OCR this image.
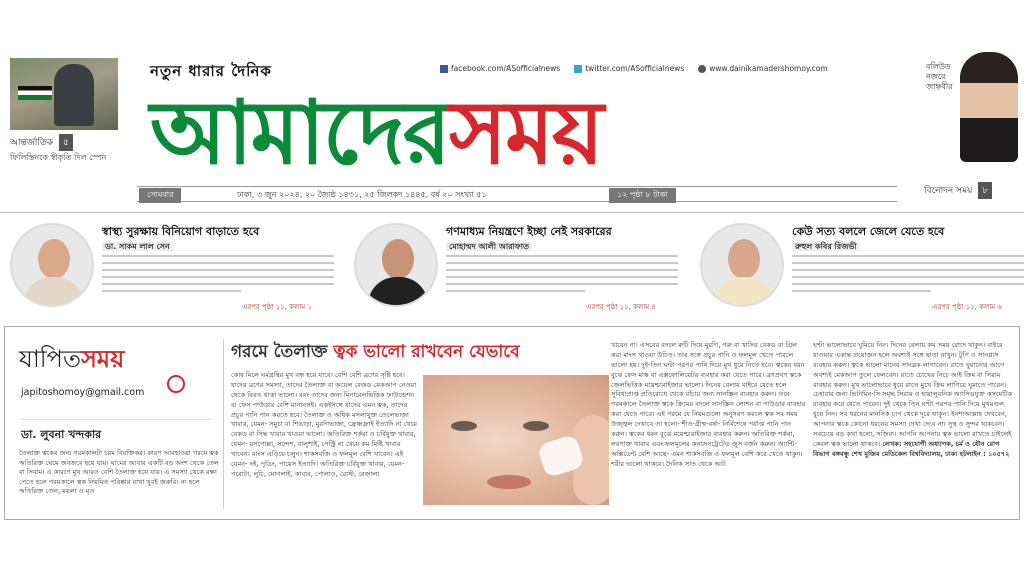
আন্তর্জাতিক	৫
ফিলিস্তিনকে স্বীকৃতি দিল স্পেন
নতুন ধারার দৈনিক	facebook.com/ASofficialnews	twitter.com/ASofficialnews	www.dainikamadershomoy.com
আমাদেরসময়
সোমবার	ঢাকা, ৩ জুন ২০২৪, ২০ জ্যৈষ্ঠ ১৪৩১, ২৫ জিলকদ ১৪৪৫, বর্ষ ২০ সংখ্যা ৫১	১২ পৃষ্ঠা ৮ টাকা
বলিউড নজরে জাহ্নবীর
বিনোদন সময়	৮
স্বাস্থ্য সুরক্ষায় বিনিয়োগ বাড়াতে হবে
ডা. সাকম লাল সেন
এরপর পৃষ্ঠা ১১, কলাম ১
গণমাধ্যম নিয়ন্ত্রণে ইচ্ছা নেই সরকারের
মোহাম্মদ আলী আরাফাত
এরপর পৃষ্ঠা ১১, কলাম ৪
কেউ সত্য বললে জেলে যেতে হবে
রুহুল কবির রিজভী
এরপর পৃষ্ঠা ১১, কলাম ৬
যাপিতসময়
japitoshomoy@gmail.com
ডা. লুবনা খন্দকার
তৈলাক্ত ত্বকের জন্য গরমকালটা চরম বিরক্তিকর। কারণ আবহাওয়া গরমে ত্বক অতিরিক্ত ঘেমে জবজবে হয়ে যায়। ঘামের আবার একটি বড় অংশ থেকে তেল বা সিবাম। এ কারণে মুখ আরও বেশি তৈলাক্ত হয়ে যায়। এ সমস্যা থেকে রক্ষা পেতে হলে গরমকালে ত্বক নিয়মিত পরিষ্কার রাখা খুবই জরুরি। না হলে অতিরিক্ত তেল, ময়লা ও মৃত
গরমে তৈলাক্ত ত্বক ভালো রাখবেন যেভাবে
কোষ মিলে ঘর্মগ্রন্থির মুখ বন্ধ হয়ে যাবে। বেশি বেশি ব্রণের সৃষ্টি হবে। যাদের ব্রণের সমস্যা, তাদের তৈলাক্ত বা অয়েল বেজড মেকআপ নেওয়া থেকে বিরত থাকা ভালো। বরং তাদের জন্য মিনারেলভিত্তিক ফাউন্ডেশন বা ফেস পাউডার বেশি মানানসই। একইসঙ্গে যাদের এমন ত্বক, তাদের প্রচুর পানি পান করতে হবে। তৈলাক্ত ও অধিক মসলাযুক্ত তেলেভাজা খাবার, যেমন- সমুচা বা শিঙাড়া, মুরগিভাজা, ফ্রেঞ্চফ্রাই ইত্যাদি না খেয়ে বেকড বা সিদ্ধ খাবার খাওয়া ভালো। অতিরিক্ত শর্করা ও চর্বিযুক্ত খাবার, যেমন- রসগোল্লা, সন্দেশ, বালুশাই, পেস্ট্রি না খেয়ে কম মিষ্টি খাবার খাবেন। মাংস এড়িয়ে চলুন। শাকসবজি ও ফলমূল বেশি খাবেন। এই যেমন- দই, পুডিং, পায়েস ইত্যাদি। অতিরিক্ত চর্বিযুক্ত খাবার, যেমন- পরোটা, লুচি, মোগলাই, কাবাব, পোলাও, রোস্ট, রেজালা
খাবেন না। এসবের বদলে রুটি দিয়ে মুরগি, গরু বা খাসির বেকড বা গ্রিল করা মাংস খাওয়া উচিত। তার সঙ্গে প্রচুর পানি ও ফলমূল খেতে পারলে ভালো হয়। দুই-তিন ঘণ্টা পরপর পানি দিয়ে মুখ ধুয়ে নিতে হবে। ত্বকের ধরন বুঝে ফেস মাস্ক বা এক্সফোলিয়েটর ব্যবহার করা যেতে পারে। ব্রণপ্রবণ ত্বকে জেলভিত্তিক ময়েশ্চারাইজার ভালো। দিনের বেলায় বাইরে যেতে হলে সুবিধাপ্রাপ্ত প্রতিরোধে থেকে বাঁচার জন্য সানস্ক্রিন ব্যবহার করুন। তবে গরমকালে তৈলাক্ত ত্বকে ক্রিমের বদলে সানস্ক্রিন লোশন বা পাউডার ব্যবহার করা যেতে পারে। এই গরমে যে নিয়মগুলো অনুসরণ করলে ত্বক সব সময় উজ্জ্বল দেখাবে তা হলো- শীত-গ্রীষ্ম-বর্ষা- নির্বিশেষে পর্যাপ্ত পানি পান করুন। ত্বকের ধরন বুঝে ময়েশ্চারাইজার ব্যবহার করুন। অতিরিক্ত শর্করা, লবণাক্ত খাবার এবং ফলমূলের কনসেনট্রেটেড জুস বর্জন করুন। অ্যান্টি-অক্সিডেন্ট বেশি আছে- এমন শাকসবজি ও ফলমূল বেশি করে খেতে থাকুন। শরীর ভালো থাকবে। দৈনিক সাত থেকে আট
ঘণ্টা ভালোভাবে ঘুমিয়ে নিন। দিনের বেলায় কম সময় রোদে থাকুন। বাইরে যাওয়ার একান্ত প্রয়োজন হলে অবশ্যই সঙ্গে ছাতা রাখুন। টুপি ও সানগ্লাস ব্যবহার করুন। ত্বকে ভালো মানের সানব্লক লাগাবেন। রাতে ঘুমানোর আগে অবশ্যই মেকআপ তুলে ফেলবেন। রাতে চোখের নিচে আই ক্রিম বা সিরাম ব্যবহার করুন। মুখ ভালোভাবে ধুয়ে রাতে মুখে ক্রিম লাগিয়ে ঘুমাতে পারেন। চেহারার জন্য ভিটামিন-সি সমৃদ্ধ সিরাম ও হায়ালুরনিক অ্যাসিডযুক্ত কসমেটিক ব্যবহার করে যেতে পারেন। দুই থেকে তিন ঘণ্টা পরপর পানি দিয়ে মুখমণ্ডল ধুয়ে নিন। সব ধরনের মানসিক চাপ থেকে দূরে থাকুন। ইনশাআল্লাহ দেখবেন, আপনার ত্বকে কোনো ধরনের সমস্যা দেখা দেবে না। সুস্থ ও সুন্দর থাকবেন। সবচেয়ে বড় কথা হলো, সজিব্য। আপনি আপনার ত্বক ভালো রাখতে চাইলেই কেবল ত্বক ভালো থাকবে। লেখক: সহযোগী অধ্যাপক, চর্ম ও যৌন রোগ বিভাগ বঙ্গবন্ধু শেখ মুজিব মেডিকেল বিশ্ববিদ্যালয়, ঢাকা হটলাইন : ১০৫৭২
